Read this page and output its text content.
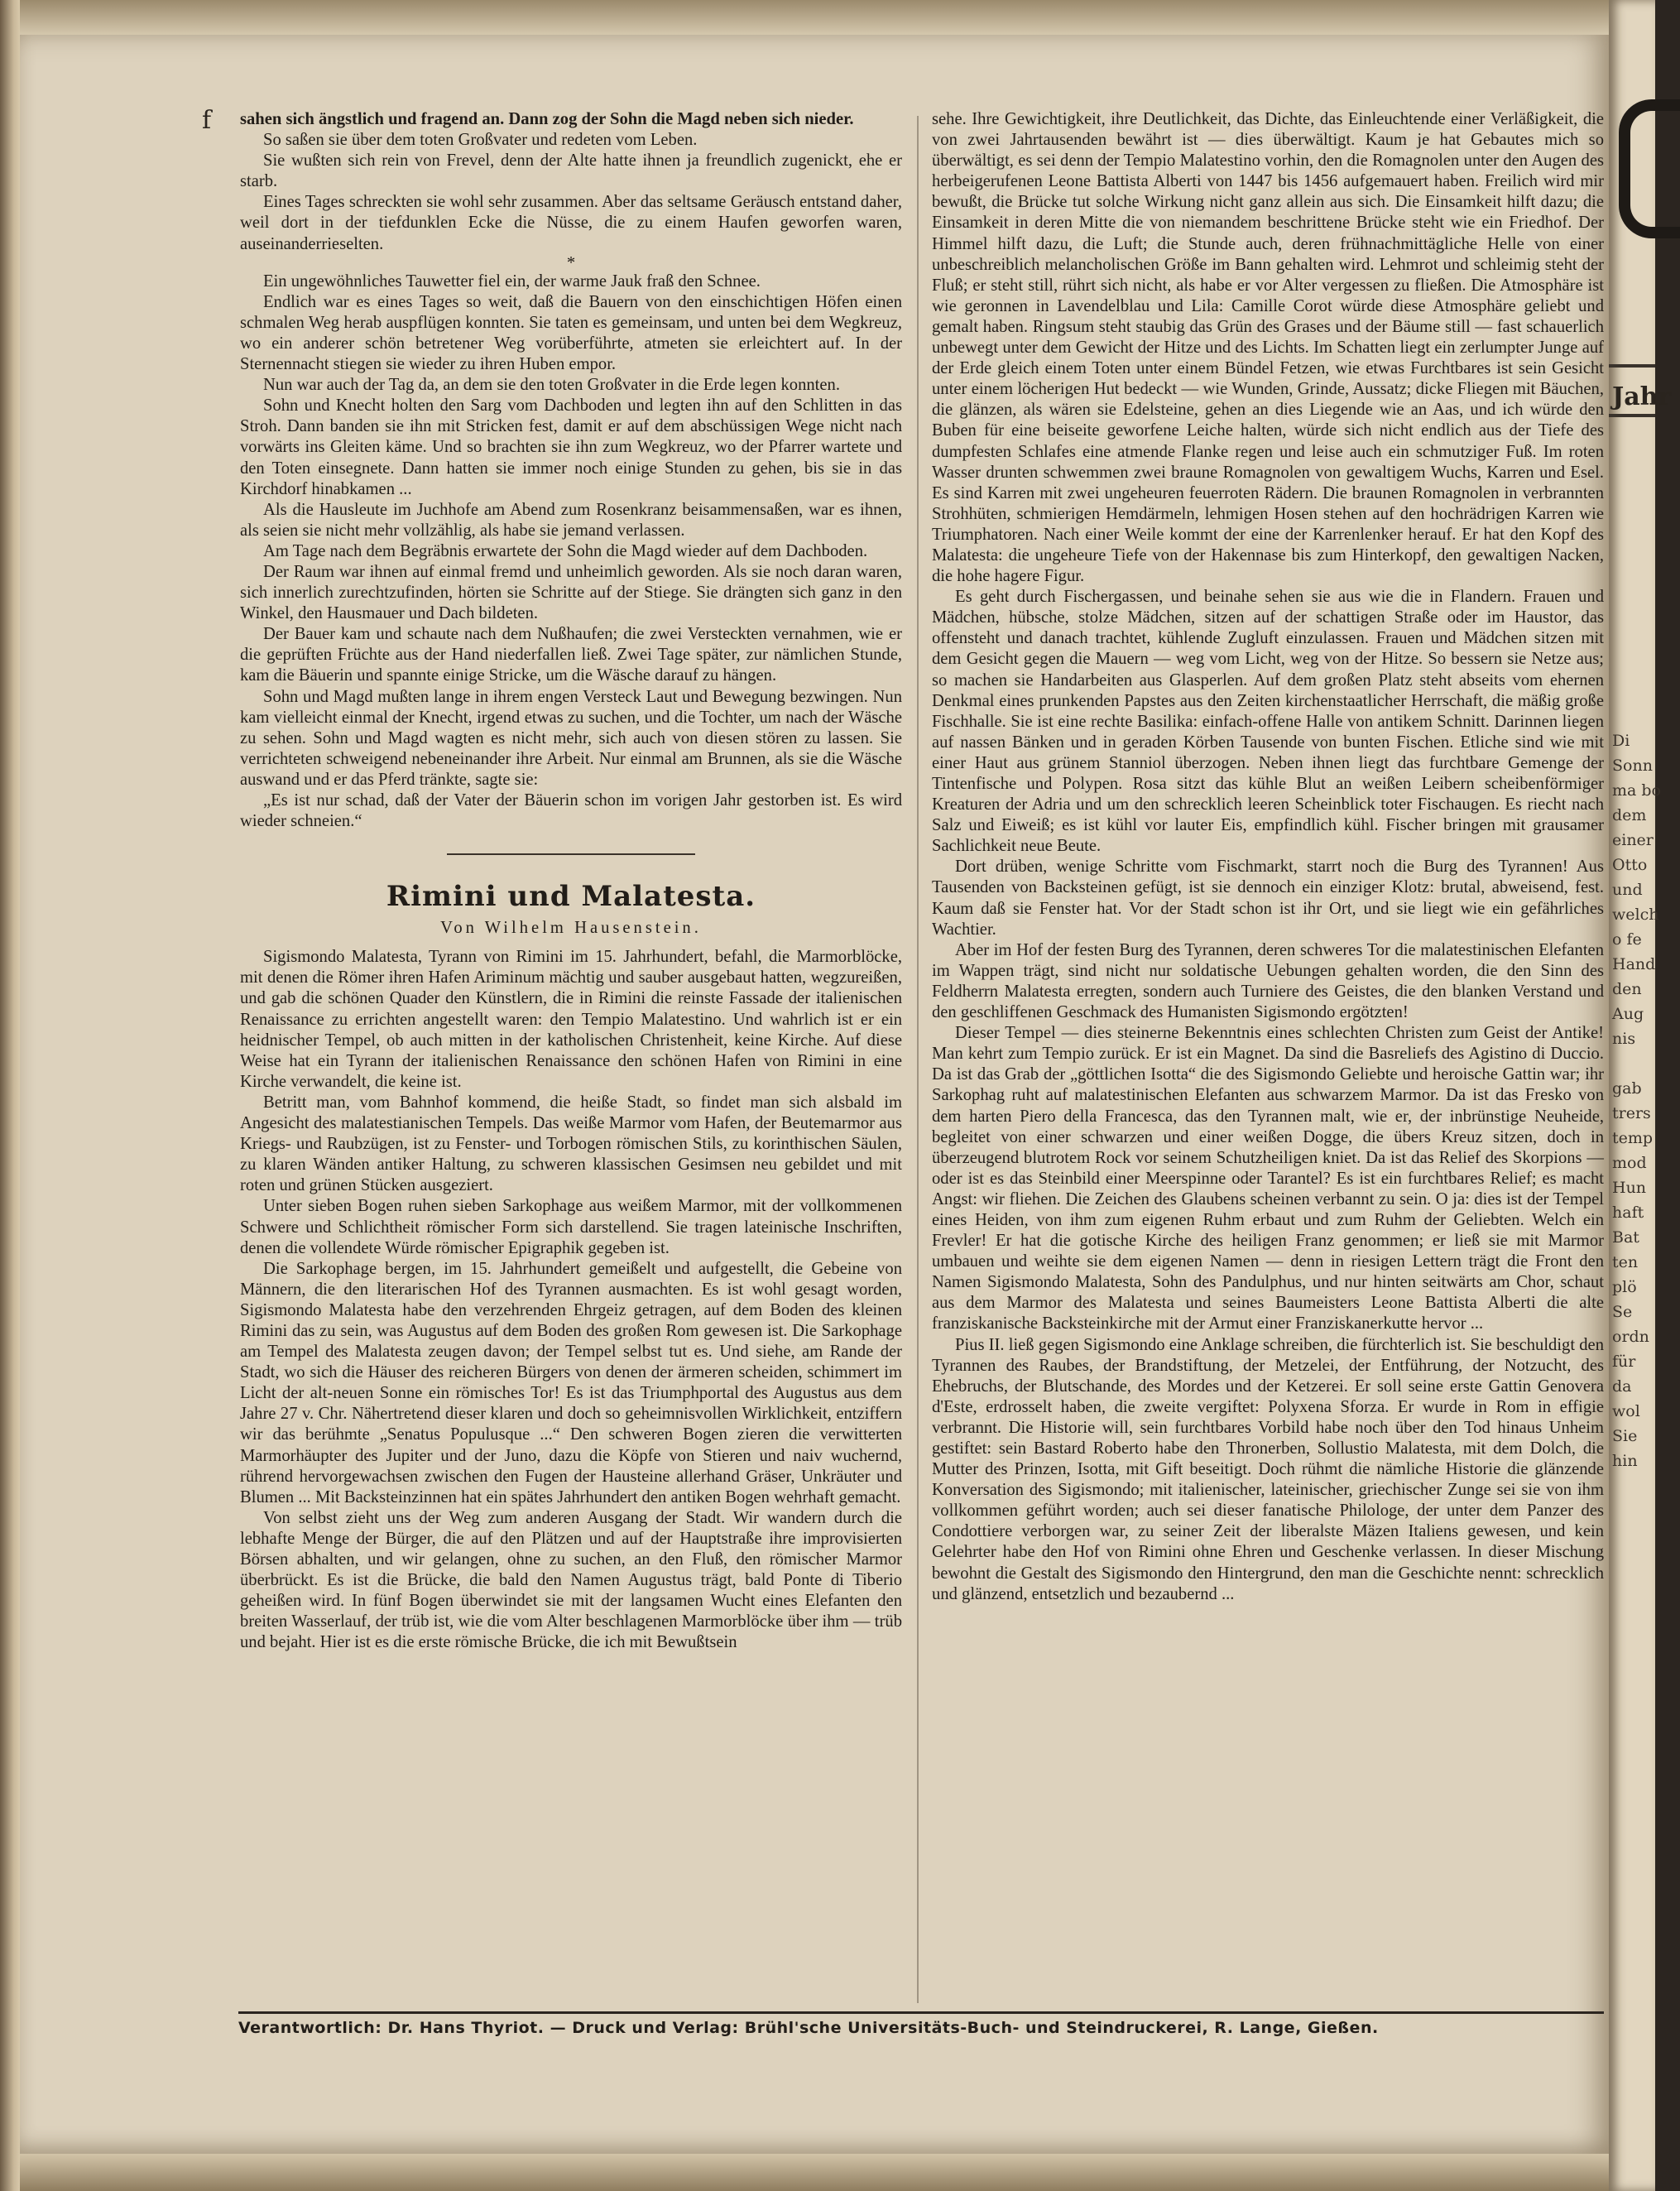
f sahen sich ängstlich und fragend an. Dann zog der Sohn die Magd neben sich nieder.

So saßen sie über dem toten Großvater und redeten vom Leben.

Sie wußten sich rein von Frevel, denn der Alte hatte ihnen ja freundlich zugenickt, ehe er starb.

Eines Tages schreckten sie wohl sehr zusammen. Aber das seltsame Geräusch entstand daher, weil dort in der tiefdunklen Ecke die Nüsse, die zu einem Haufen geworfen waren, auseinanderrieselten.

*

Ein ungewöhnliches Tauwetter fiel ein, der warme Jauk fraß den Schnee.

Endlich war es eines Tages so weit, daß die Bauern von den einschichtigen Höfen einen schmalen Weg herab auspflügen konnten. Sie taten es gemeinsam, und unten bei dem Wegkreuz, wo ein anderer schön betretener Weg vorüberführte, atmeten sie erleichtert auf. In der Sternennacht stiegen sie wieder zu ihren Huben empor.

Nun war auch der Tag da, an dem sie den toten Großvater in die Erde legen konnten.

Sohn und Knecht holten den Sarg vom Dachboden und legten ihn auf den Schlitten in das Stroh. Dann banden sie ihn mit Stricken fest, damit er auf dem abschüssigen Wege nicht nach vorwärts ins Gleiten käme. Und so brachten sie ihn zum Wegkreuz, wo der Pfarrer wartete und den Toten einsegnete. Dann hatten sie immer noch einige Stunden zu gehen, bis sie in das Kirchdorf hinabkamen ...

Als die Hausleute im Juchhofe am Abend zum Rosenkranz beisammensaßen, war es ihnen, als seien sie nicht mehr vollzählig, als habe sie jemand verlassen.

Am Tage nach dem Begräbnis erwartete der Sohn die Magd wieder auf dem Dachboden.

Der Raum war ihnen auf einmal fremd und unheimlich geworden. Als sie noch daran waren, sich innerlich zurechtzufinden, hörten sie Schritte auf der Stiege. Sie drängten sich ganz in den Winkel, den Hausmauer und Dach bildeten.

Der Bauer kam und schaute nach dem Nußhaufen; die zwei Versteckten vernahmen, wie er die geprüften Früchte aus der Hand niederfallen ließ. Zwei Tage später, zur nämlichen Stunde, kam die Bäuerin und spannte einige Stricke, um die Wäsche darauf zu hängen.

Sohn und Magd mußten lange in ihrem engen Versteck Laut und Bewegung bezwingen. Nun kam vielleicht einmal der Knecht, irgend etwas zu suchen, und die Tochter, um nach der Wäsche zu sehen. Sohn und Magd wagten es nicht mehr, sich auch von diesen stören zu lassen. Sie verrichteten schweigend nebeneinander ihre Arbeit. Nur einmal am Brunnen, als sie die Wäsche auswand und er das Pferd tränkte, sagte sie:

„Es ist nur schad, daß der Vater der Bäuerin schon im vorigen Jahr gestorben ist. Es wird wieder schneien.“

Rimini und Malatesta.

Von Wilhelm Hausenstein.

Sigismondo Malatesta, Tyrann von Rimini im 15. Jahrhundert, befahl, die Marmorblöcke, mit denen die Römer ihren Hafen Ariminum mächtig und sauber ausgebaut hatten, wegzureißen, und gab die schönen Quader den Künstlern, die in Rimini die reinste Fassade der italienischen Renaissance zu errichten angestellt waren: den Tempio Malatestino. Und wahrlich ist er ein heidnischer Tempel, ob auch mitten in der katholischen Christenheit, keine Kirche. Auf diese Weise hat ein Tyrann der italienischen Renaissance den schönen Hafen von Rimini in eine Kirche verwandelt, die keine ist.

Betritt man, vom Bahnhof kommend, die heiße Stadt, so findet man sich alsbald im Angesicht des malatestianischen Tempels. Das weiße Marmor vom Hafen, der Beutemarmor aus Kriegs- und Raubzügen, ist zu Fenster- und Torbogen römischen Stils, zu korinthischen Säulen, zu klaren Wänden antiker Haltung, zu schweren klassischen Gesimsen neu gebildet und mit roten und grünen Stücken ausgeziert.

Unter sieben Bogen ruhen sieben Sarkophage aus weißem Marmor, mit der vollkommenen Schwere und Schlichtheit römischer Form sich darstellend. Sie tragen lateinische Inschriften, denen die vollendete Würde römischer Epigraphik gegeben ist.

Die Sarkophage bergen, im 15. Jahrhundert gemeißelt und aufgestellt, die Gebeine von Männern, die den literarischen Hof des Tyrannen ausmachten. Es ist wohl gesagt worden, Sigismondo Malatesta habe den verzehrenden Ehrgeiz getragen, auf dem Boden des kleinen Rimini das zu sein, was Augustus auf dem Boden des großen Rom gewesen ist. Die Sarkophage am Tempel des Malatesta zeugen davon; der Tempel selbst tut es. Und siehe, am Rande der Stadt, wo sich die Häuser des reicheren Bürgers von denen der ärmeren scheiden, schimmert im Licht der alt-neuen Sonne ein römisches Tor! Es ist das Triumphportal des Augustus aus dem Jahre 27 v. Chr. Nähertretend dieser klaren und doch so geheimnisvollen Wirklichkeit, entziffern wir das berühmte „Senatus Populusque ...“ Den schweren Bogen zieren die verwitterten Marmorhäupter des Jupiter und der Juno, dazu die Köpfe von Stieren und naiv wuchernd, rührend hervorgewachsen zwischen den Fugen der Hausteine allerhand Gräser, Unkräuter und Blumen ... Mit Backsteinzinnen hat ein spätes Jahrhundert den antiken Bogen wehrhaft gemacht.

Von selbst zieht uns der Weg zum anderen Ausgang der Stadt. Wir wandern durch die lebhafte Menge der Bürger, die auf den Plätzen und auf der Hauptstraße ihre improvisierten Börsen abhalten, und wir gelangen, ohne zu suchen, an den Fluß, den römischer Marmor überbrückt. Es ist die Brücke, die bald den Namen Augustus trägt, bald Ponte di Tiberio geheißen wird. In fünf Bogen überwindet sie mit der langsamen Wucht eines Elefanten den breiten Wasserlauf, der trüb ist, wie die vom Alter beschlagenen Marmorblöcke über ihm — trüb und bejaht. Hier ist es die erste römische Brücke, die ich mit Bewußtsein

sehe. Ihre Gewichtigkeit, ihre Deutlichkeit, das Dichte, das Einleuchtende einer Verläßigkeit, die von zwei Jahrtausenden bewährt ist — dies überwältigt. Kaum je hat Gebautes mich so überwältigt, es sei denn der Tempio Malatestino vorhin, den die Romagnolen unter den Augen des herbeigerufenen Leone Battista Alberti von 1447 bis 1456 aufgemauert haben. Freilich wird mir bewußt, die Brücke tut solche Wirkung nicht ganz allein aus sich. Die Einsamkeit hilft dazu; die Einsamkeit in deren Mitte die von niemandem beschrittene Brücke steht wie ein Friedhof. Der Himmel hilft dazu, die Luft; die Stunde auch, deren frühnachmittägliche Helle von einer unbeschreiblich melancholischen Größe im Bann gehalten wird. Lehmrot und schleimig steht der Fluß; er steht still, rührt sich nicht, als habe er vor Alter vergessen zu fließen. Die Atmosphäre ist wie geronnen in Lavendelblau und Lila: Camille Corot würde diese Atmosphäre geliebt und gemalt haben. Ringsum steht staubig das Grün des Grases und der Bäume still — fast schauerlich unbewegt unter dem Gewicht der Hitze und des Lichts. Im Schatten liegt ein zerlumpter Junge auf der Erde gleich einem Toten unter einem Bündel Fetzen, wie etwas Furchtbares ist sein Gesicht unter einem löcherigen Hut bedeckt — wie Wunden, Grinde, Aussatz; dicke Fliegen mit Bäuchen, die glänzen, als wären sie Edelsteine, gehen an dies Liegende wie an Aas, und ich würde den Buben für eine beiseite geworfene Leiche halten, würde sich nicht endlich aus der Tiefe des dumpfesten Schlafes eine atmende Flanke regen und leise auch ein schmutziger Fuß. Im roten Wasser drunten schwemmen zwei braune Romagnolen von gewaltigem Wuchs, Karren und Esel. Es sind Karren mit zwei ungeheuren feuerroten Rädern. Die braunen Romagnolen in verbrannten Strohhüten, schmierigen Hemdärmeln, lehmigen Hosen stehen auf den hochrädrigen Karren wie Triumphatoren. Nach einer Weile kommt der eine der Karrenlenker herauf. Er hat den Kopf des Malatesta: die ungeheure Tiefe von der Hakennase bis zum Hinterkopf, den gewaltigen Nacken, die hohe hagere Figur.

Es geht durch Fischergassen, und beinahe sehen sie aus wie die in Flandern. Frauen und Mädchen, hübsche, stolze Mädchen, sitzen auf der schattigen Straße oder im Haustor, das offensteht und danach trachtet, kühlende Zugluft einzulassen. Frauen und Mädchen sitzen mit dem Gesicht gegen die Mauern — weg vom Licht, weg von der Hitze. So bessern sie Netze aus; so machen sie Handarbeiten aus Glasperlen. Auf dem großen Platz steht abseits vom ehernen Denkmal eines prunkenden Papstes aus den Zeiten kirchenstaatlicher Herrschaft, die mäßig große Fischhalle. Sie ist eine rechte Basilika: einfach-offene Halle von antikem Schnitt. Darinnen liegen auf nassen Bänken und in geraden Körben Tausende von bunten Fischen. Etliche sind wie mit einer Haut aus grünem Stanniol überzogen. Neben ihnen liegt das furchtbare Gemenge der Tintenfische und Polypen. Rosa sitzt das kühle Blut an weißen Leibern scheibenförmiger Kreaturen der Adria und um den schrecklich leeren Scheinblick toter Fischaugen. Es riecht nach Salz und Eiweiß; es ist kühl vor lauter Eis, empfindlich kühl. Fischer bringen mit grausamer Sachlichkeit neue Beute.

Dort drüben, wenige Schritte vom Fischmarkt, starrt noch die Burg des Tyrannen! Aus Tausenden von Backsteinen gefügt, ist sie dennoch ein einziger Klotz: brutal, abweisend, fest. Kaum daß sie Fenster hat. Vor der Stadt schon ist ihr Ort, und sie liegt wie ein gefährliches Wachtier.

Aber im Hof der festen Burg des Tyrannen, deren schweres Tor die malatestinischen Elefanten im Wappen trägt, sind nicht nur soldatische Uebungen gehalten worden, die den Sinn des Feldherrn Malatesta erregten, sondern auch Turniere des Geistes, die den blanken Verstand und den geschliffenen Geschmack des Humanisten Sigismondo ergötzten!

Dieser Tempel — dies steinerne Bekenntnis eines schlechten Christen zum Geist der Antike! Man kehrt zum Tempio zurück. Er ist ein Magnet. Da sind die Basreliefs des Agistino di Duccio. Da ist das Grab der „göttlichen Isotta“ die des Sigismondo Geliebte und heroische Gattin war; ihr Sarkophag ruht auf malatestinischen Elefanten aus schwarzem Marmor. Da ist das Fresko von dem harten Piero della Francesca, das den Tyrannen malt, wie er, der inbrünstige Neuheide, begleitet von einer schwarzen und einer weißen Dogge, die übers Kreuz sitzen, doch in überzeugend blutrotem Rock vor seinem Schutzheiligen kniet. Da ist das Relief des Skorpions — oder ist es das Steinbild einer Meerspinne oder Tarantel? Es ist ein furchtbares Relief; es macht Angst: wir fliehen. Die Zeichen des Glaubens scheinen verbannt zu sein. O ja: dies ist der Tempel eines Heiden, von ihm zum eigenen Ruhm erbaut und zum Ruhm der Geliebten. Welch ein Frevler! Er hat die gotische Kirche des heiligen Franz genommen; er ließ sie mit Marmor umbauen und weihte sie dem eigenen Namen — denn in riesigen Lettern trägt die Front den Namen Sigismondo Malatesta, Sohn des Pandulphus, und nur hinten seitwärts am Chor, schaut aus dem Marmor des Malatesta und seines Baumeisters Leone Battista Alberti die alte franziskanische Backsteinkirche mit der Armut einer Franziskanerkutte hervor ...

Pius II. ließ gegen Sigismondo eine Anklage schreiben, die fürchterlich ist. Sie beschuldigt den Tyrannen des Raubes, der Brandstiftung, der Metzelei, der Entführung, der Notzucht, des Ehebruchs, der Blutschande, des Mordes und der Ketzerei. Er soll seine erste Gattin Genovera d'Este, erdrosselt haben, die zweite vergiftet: Polyxena Sforza. Er wurde in Rom in effigie verbrannt. Die Historie will, sein furchtbares Vorbild habe noch über den Tod hinaus Unheim gestiftet: sein Bastard Roberto habe den Thronerben, Sollustio Malatesta, mit dem Dolch, die Mutter des Prinzen, Isotta, mit Gift beseitigt. Doch rühmt die nämliche Historie die glänzende Konversation des Sigismondo; mit italienischer, lateinischer, griechischer Zunge sei sie von ihm vollkommen geführt worden; auch sei dieser fanatische Philologe, der unter dem Panzer des Condottiere verborgen war, zu seiner Zeit der liberalste Mäzen Italiens gewesen, und kein Gelehrter habe den Hof von Rimini ohne Ehren und Geschenke verlassen. In dieser Mischung bewohnt die Gestalt des Sigismondo den Hintergrund, den man die Geschichte nennt: schrecklich und glänzend, entsetzlich und bezaubernd ...

Verantwortlich: Dr. Hans Thyriot. — Druck und Verlag: Brühl'sche Universitäts-Buch- und Steindruckerei, R. Lange, Gießen.
Jahr
Di
Sonn
ma bo
dem
einer
Otto
und
welch
o fe
Hand
den
Aug
nis

gab
trers
temp
mod
Hun
haft
Bat
ten
plö
Se
ordn
für
da
wol
Sie
hin
